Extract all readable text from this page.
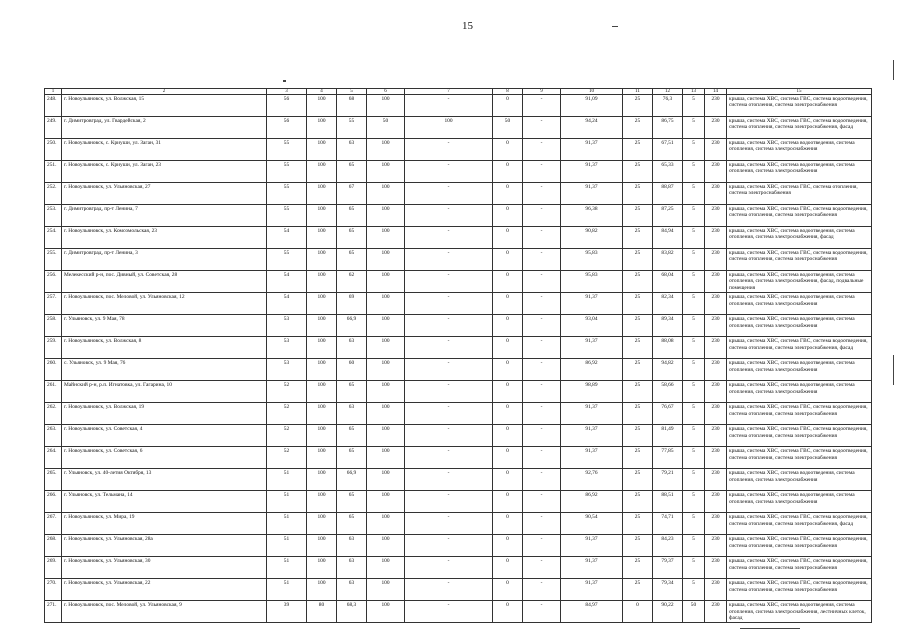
15
1	2	3	4	5	6	7	8	9	10	11	12	13	14	15
248.	г. Новоульяновск, ул. Волжская, 15	56	100	68	100	-	0	-	91,09	25	76,3	5	230	крыша, система ХВС, система ГВС, система водоотведения, система отопления, система электроснабжения
249.	г. Димитровград, ул. Гвардейская, 2	56	100	55	50	100	50	-	94,24	25	86,75	5	230	крыша, система ХВС, система ГВС, система водоотведения, система отопления, система электроснабжения, фасад
250.	г. Новоульяновск, с. Криуши, ул. Заган, 31	55	100	63	100	-	0	-	91,37	25	67,51	5	230	крыша, система ХВС, система водоотведения, система отопления, система электроснабжения
251.	г. Новоульяновск, с. Криуши, ул. Заган, 23	55	100	65	100	-	0	-	91,37	25	65,33	5	230	крыша, система ХВС, система водоотведения, система отопления, система электроснабжения
252.	г. Новоульяновск, ул. Ульяновская, 27	55	100	67	100	-	0	-	91,37	25	88,87	5	230	крыша, система ХВС, система ГВС, система отопления, система электроснабжения
253.	г. Димитровград, пр-т Ленина, 7	55	100	65	100	-	0	-	96,38	25	87,25	5	230	крыша, система ХВС, система ГВС, система водоотведения, система отопления, система электроснабжения
254.	г. Новоульяновск, ул. Комсомольская, 23	54	100	65	100	-	0	-	90,82	25	84,94	5	230	крыша, система ХВС, система водоотведения, система отопления, система электроснабжения, фасад
255.	г. Димитровград, пр-т Ленина, 3	55	100	65	100	-	0	-	95,83	25	83,82	5	230	крыша, система ХВС, система ГВС, система водоотведения, система отопления, система электроснабжения
256.	Мелекесский р-н, пос. Дивный, ул. Советская, 28	54	100	62	100	-	0	-	95,83	25	68,04	5	230	крыша, система ХВС, система водоотведения, система отопления, система электроснабжения, фасад, подвальные помещения
257.	г. Новоульяновск, пос. Меловой, ул. Ульяновская, 12	54	100	69	100	-	0	-	91,37	25	82,34	5	230	крыша, система ХВС, система водоотведения, система отопления, система электроснабжения
258.	г. Ульяновск, ул. 9 Мая, 78	53	100	66,9	100	-	0	-	93,04	25	89,34	5	230	крыша, система ХВС, система водоотведения, система отопления, система электроснабжения
259.	г. Новоульяновск, ул. Волжская, 8	53	100	63	100	-	0	-	91,37	25	88,08	5	230	крыша, система ХВС, система ГВС, система водоотведения, система отопления, система электроснабжения, фасад
260.	с. Ульяновск, ул. 9 Мая, 76	53	100	60	100	-	0	-	86,92	25	94,82	5	230	крыша, система ХВС, система водоотведения, система отопления, система электроснабжения
261.	Майнский р-н, р.п. Игнатовка, ул. Гагарина, 10	52	100	65	100	-	0	-	98,89	25	58,66	5	230	крыша, система ХВС, система водоотведения, система отопления, система электроснабжения
262.	г. Новоульяновск, ул. Волжская, 19	52	100	63	100	-	0	-	91,37	25	76,67	5	230	крыша, система ХВС, система ГВС, система водоотведения, система отопления, система электроснабжения
263.	г. Новоульяновск, ул. Советская, 4	52	100	65	100	-	0	-	91,37	25	81,49	5	230	крыша, система ХВС, система ГВС, система водоотведения, система отопления, система электроснабжения
264.	г. Новоульяновск, ул. Советская, 6	52	100	65	100	-	0	-	91,37	25	77,85	5	230	крыша, система ХВС, система ГВС, система водоотведения, система отопления, система электроснабжения
265.	г. Ульяновск, ул. 40-летия Октября, 13	51	100	66,9	100	-	0	-	92,76	25	79,21	5	230	крыша, система ХВС, система водоотведения, система отопления, система электроснабжения
266.	г. Ульяновск, ул. Тельмана, 14	51	100	65	100	-	0	-	86,92	25	88,51	5	230	крыша, система ХВС, система водоотведения, система отопления, система электроснабжения
267.	г. Новоульяновск, ул. Мира, 19	51	100	65	100	-	0	-	90,54	25	74,71	5	230	крыша, система ХВС, система ГВС, система водоотведения, система отопления, система электроснабжения, фасад
268.	г. Новоульяновск, ул. Ульяновская, 28а	51	100	63	100	-	0	-	91,37	25	84,23	5	230	крыша, система ХВС, система ГВС, система водоотведения, система отопления, система электроснабжения
269.	г. Новоульяновск, ул. Ульяновская, 30	51	100	63	100	-	0	-	91,37	25	79,37	5	230	крыша, система ХВС, система ГВС, система водоотведения, система отопления, система электроснабжения
270.	г. Новоульяновск, ул. Ульяновская, 22	51	100	63	100	-	0	-	91,37	25	79,34	5	230	крыша, система ХВС, система ГВС, система водоотведения, система отопления, система электроснабжения
271.	г. Новоульяновск, пос. Меловой, ул. Ульяновская, 9	39	80	68,3	100	-	0	-	84,97	0	90,22	50	230	крыша, система ХВС, система водоотведения, система отопления, система электроснабжения, лестничных клеток, фасад
